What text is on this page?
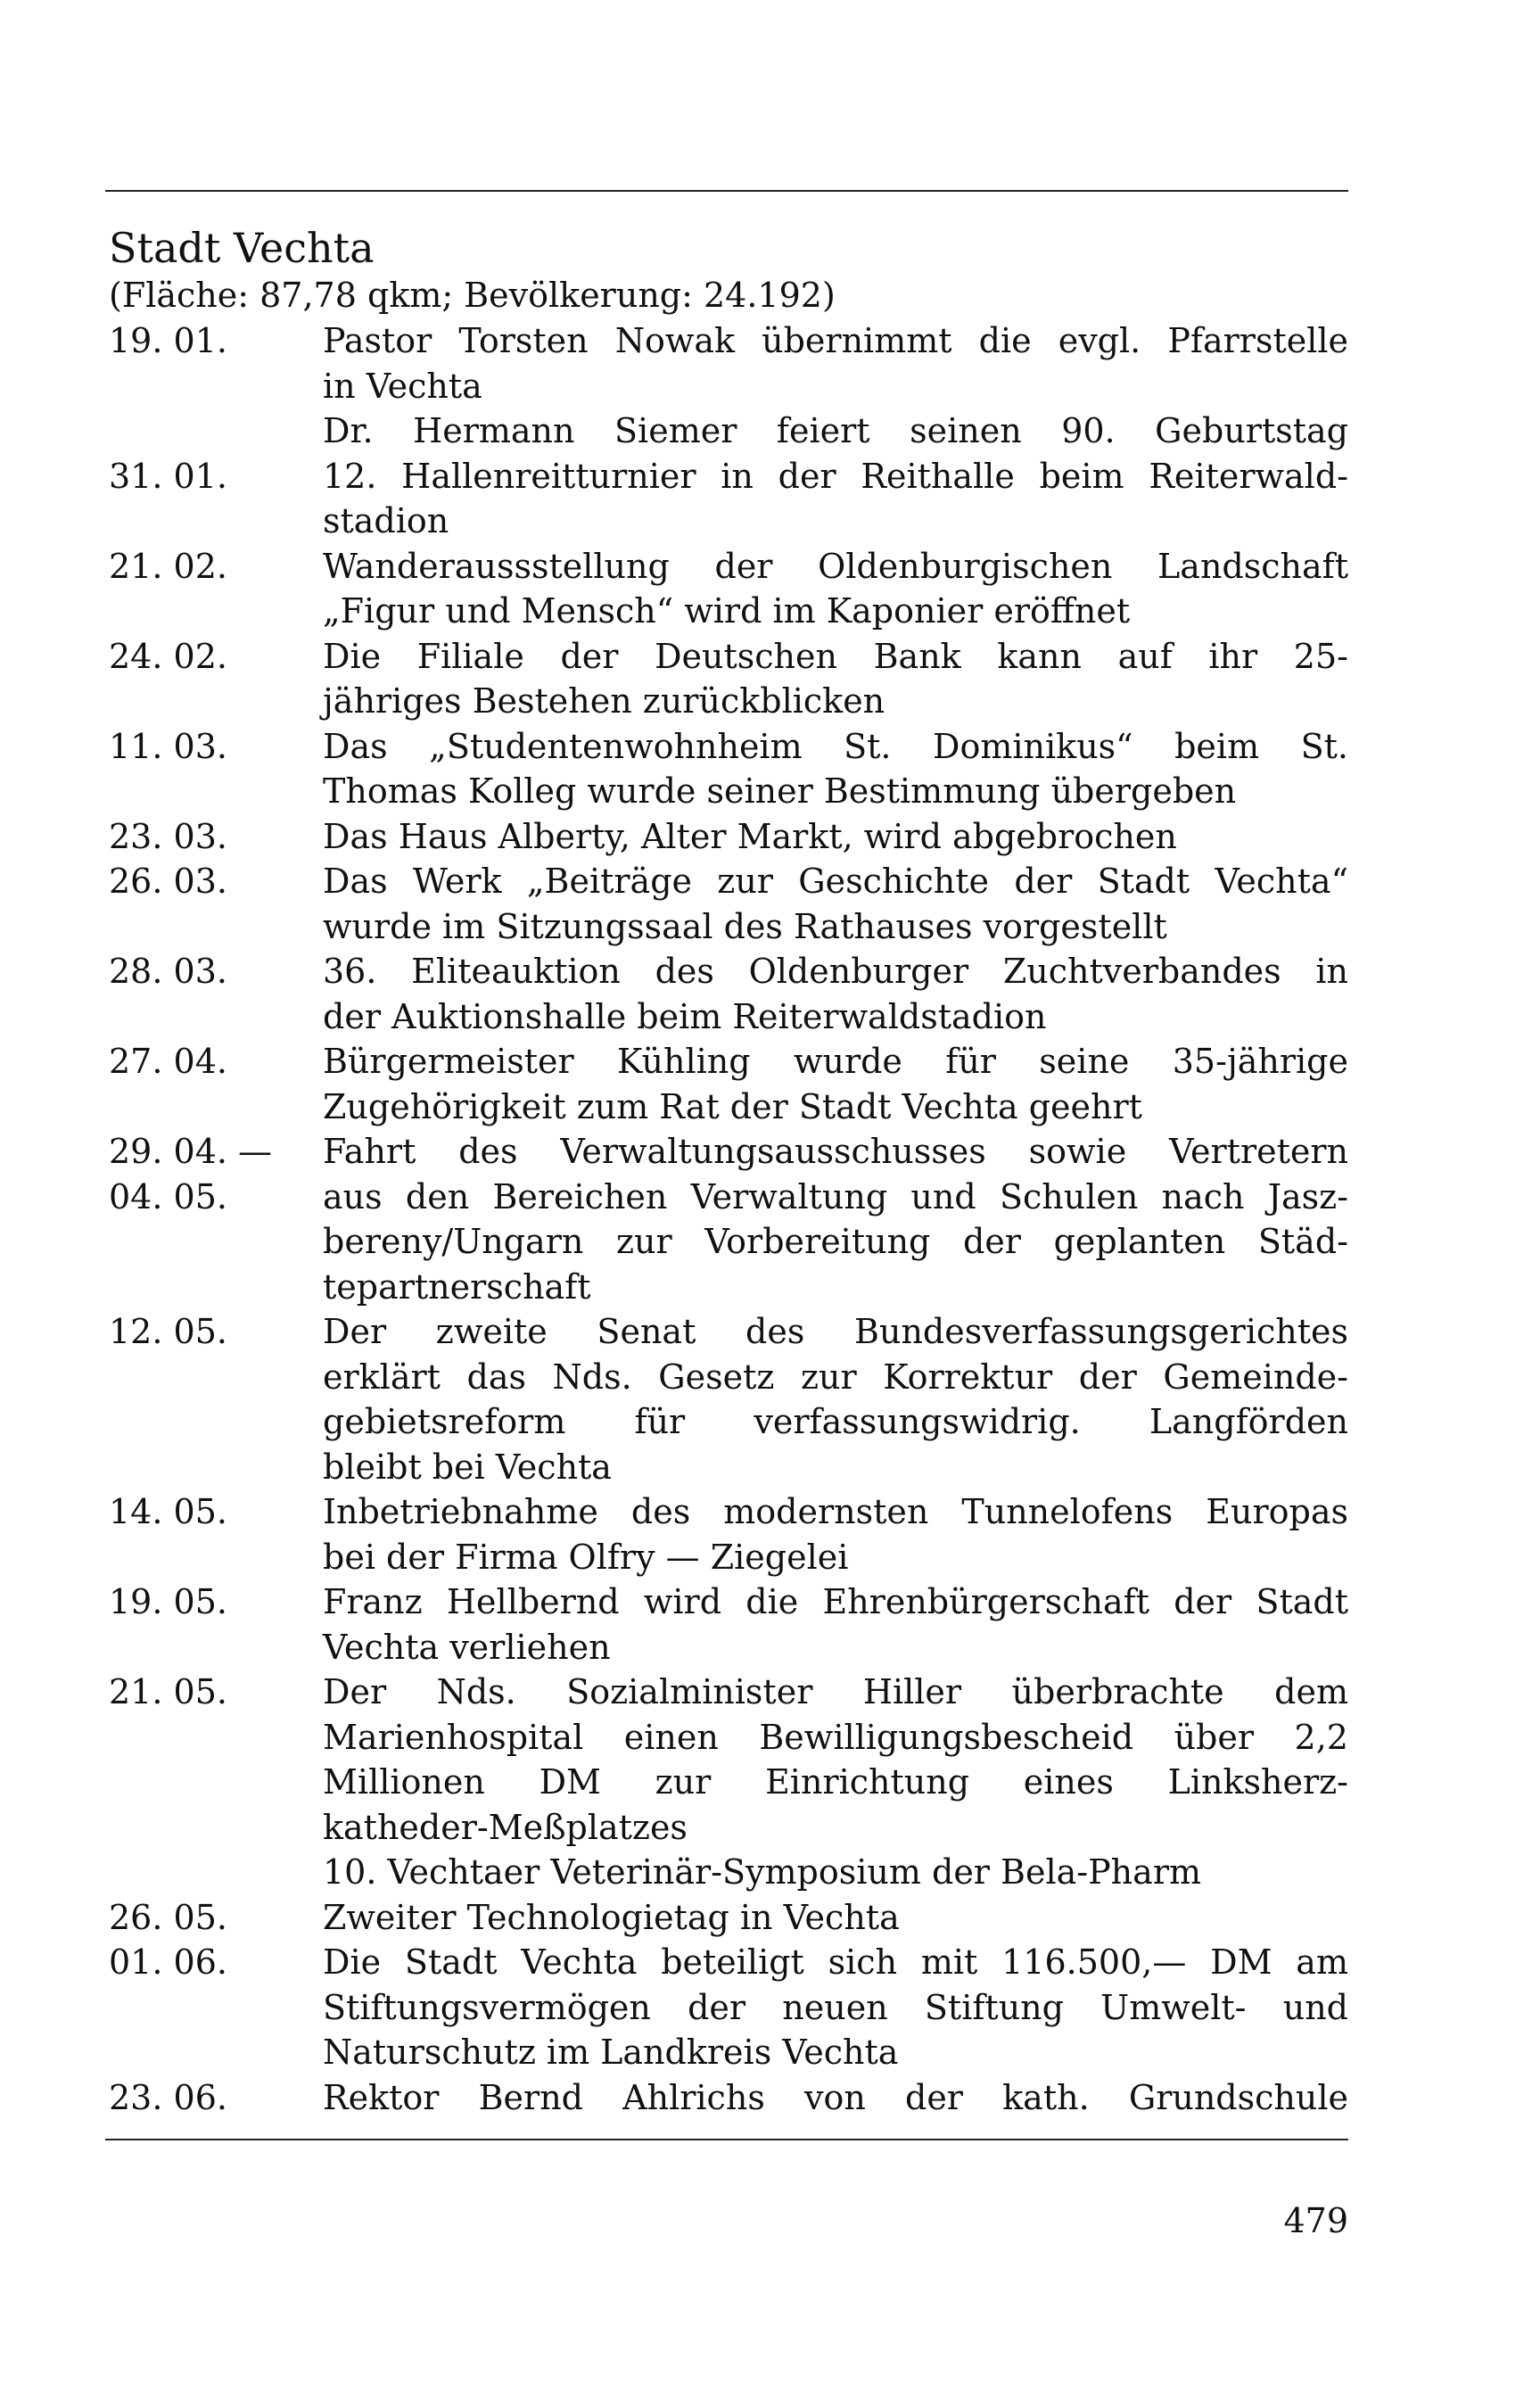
Stadt Vechta
(Fläche: 87,78 qkm; Bevölkerung: 24.192)
19. 01.	Pastor Torsten Nowak übernimmt die evgl. Pfarrstelle
in Vechta
Dr. Hermann Siemer feiert seinen 90. Geburtstag
31. 01.	12. Hallenreitturnier in der Reithalle beim Reiterwald-
stadion
21. 02.	Wanderaussstellung der Oldenburgischen Landschaft
„Figur und Mensch“ wird im Kaponier eröffnet
24. 02.	Die Filiale der Deutschen Bank kann auf ihr 25-
jähriges Bestehen zurückblicken
11. 03.	Das „Studentenwohnheim St. Dominikus“ beim St.
Thomas Kolleg wurde seiner Bestimmung übergeben
23. 03.	Das Haus Alberty, Alter Markt, wird abgebrochen
26. 03.	Das Werk „Beiträge zur Geschichte der Stadt Vechta“
wurde im Sitzungssaal des Rathauses vorgestellt
28. 03.	36. Eliteauktion des Oldenburger Zuchtverbandes in
der Auktionshalle beim Reiterwaldstadion
27. 04.	Bürgermeister Kühling wurde für seine 35-jährige
Zugehörigkeit zum Rat der Stadt Vechta geehrt
29. 04. —	Fahrt des Verwaltungsausschusses sowie Vertretern
04. 05.	aus den Bereichen Verwaltung und Schulen nach Jasz-
bereny/Ungarn zur Vorbereitung der geplanten Städ-
tepartnerschaft
12. 05.	Der zweite Senat des Bundesverfassungsgerichtes
erklärt das Nds. Gesetz zur Korrektur der Gemeinde-
gebietsreform für verfassungswidrig. Langförden
bleibt bei Vechta
14. 05.	Inbetriebnahme des modernsten Tunnelofens Europas
bei der Firma Olfry — Ziegelei
19. 05.	Franz Hellbernd wird die Ehrenbürgerschaft der Stadt
Vechta verliehen
21. 05.	Der Nds. Sozialminister Hiller überbrachte dem
Marienhospital einen Bewilligungsbescheid über 2,2
Millionen DM zur Einrichtung eines Linksherz-
katheder-Meßplatzes
10. Vechtaer Veterinär-Symposium der Bela-Pharm
26. 05.	Zweiter Technologietag in Vechta
01. 06.	Die Stadt Vechta beteiligt sich mit 116.500,— DM am
Stiftungsvermögen der neuen Stiftung Umwelt- und
Naturschutz im Landkreis Vechta
23. 06.	Rektor Bernd Ahlrichs von der kath. Grundschule
479
